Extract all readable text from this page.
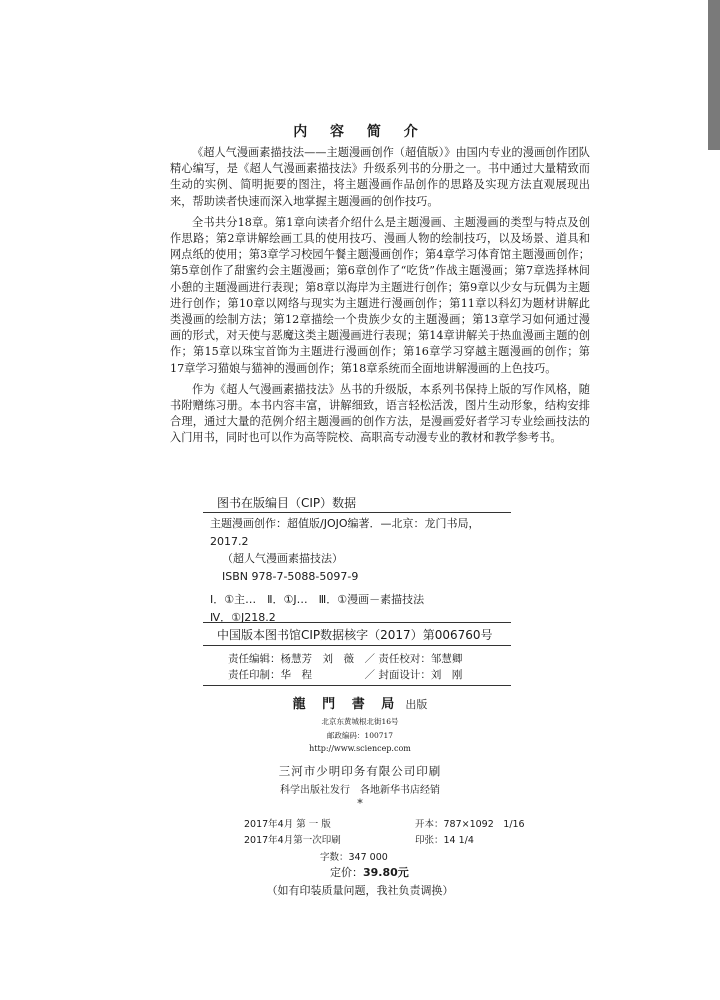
内 容 简 介

《超人气漫画素描技法——主题漫画创作（超值版）》由国内专业的漫画创作团队精心编写，是《超人气漫画素描技法》升级系列书的分册之一。书中通过大量精致而生动的实例、简明扼要的图注，将主题漫画作品创作的思路及实现方法直观展现出来，帮助读者快速而深入地掌握主题漫画的创作技巧。

全书共分18章。第1章向读者介绍什么是主题漫画、主题漫画的类型与特点及创作思路；第2章讲解绘画工具的使用技巧、漫画人物的绘制技巧，以及场景、道具和网点纸的使用；第3章学习校园午餐主题漫画创作；第4章学习体育馆主题漫画创作；第5章创作了甜蜜约会主题漫画；第6章创作了“吃货”作战主题漫画；第7章选择林间小憩的主题漫画进行表现；第8章以海岸为主题进行创作；第9章以少女与玩偶为主题进行创作；第10章以网络与现实为主题进行漫画创作；第11章以科幻为题材讲解此类漫画的绘制方法；第12章描绘一个贵族少女的主题漫画；第13章学习如何通过漫画的形式，对天使与恶魔这类主题漫画进行表现；第14章讲解关于热血漫画主题的创作；第15章以珠宝首饰为主题进行漫画创作；第16章学习穿越主题漫画的创作；第17章学习猫娘与猫神的漫画创作；第18章系统而全面地讲解漫画的上色技巧。

作为《超人气漫画素描技法》丛书的升级版，本系列书保持上版的写作风格，随书附赠练习册。本书内容丰富，讲解细致，语言轻松活泼，图片生动形象，结构安排合理，通过大量的范例介绍主题漫画的创作方法，是漫画爱好者学习专业绘画技法的入门用书，同时也可以作为高等院校、高职高专动漫专业的教材和教学参考书。

图书在版编目（CIP）数据
主题漫画创作：超值版/JOJO编著．—北京：龙门书局，
2017.2
（超人气漫画素描技法）
ISBN 978-7-5088-5097-9
Ⅰ．①主…　Ⅱ．①J…　Ⅲ．①漫画－素描技法
Ⅳ．①J218.2
中国版本图书馆CIP数据核字（2017）第006760号
责任编辑：杨慧芳　刘　薇　／ 责任校对：邹慧卿
责任印制：华　程　　　　　／ 封面设计：刘　刚
龍 門 書 局 出版
北京东黄城根北街16号
邮政编码：100717
http://www.sciencep.com
三河市少明印务有限公司印刷
科学出版社发行　各地新华书店经销
*
2017年4月 第 一 版
2017年4月第一次印刷
开本：787×1092　1/16
印张：14 1/4
字数：347 000
定价：39.80元
（如有印装质量问题，我社负责调换）
